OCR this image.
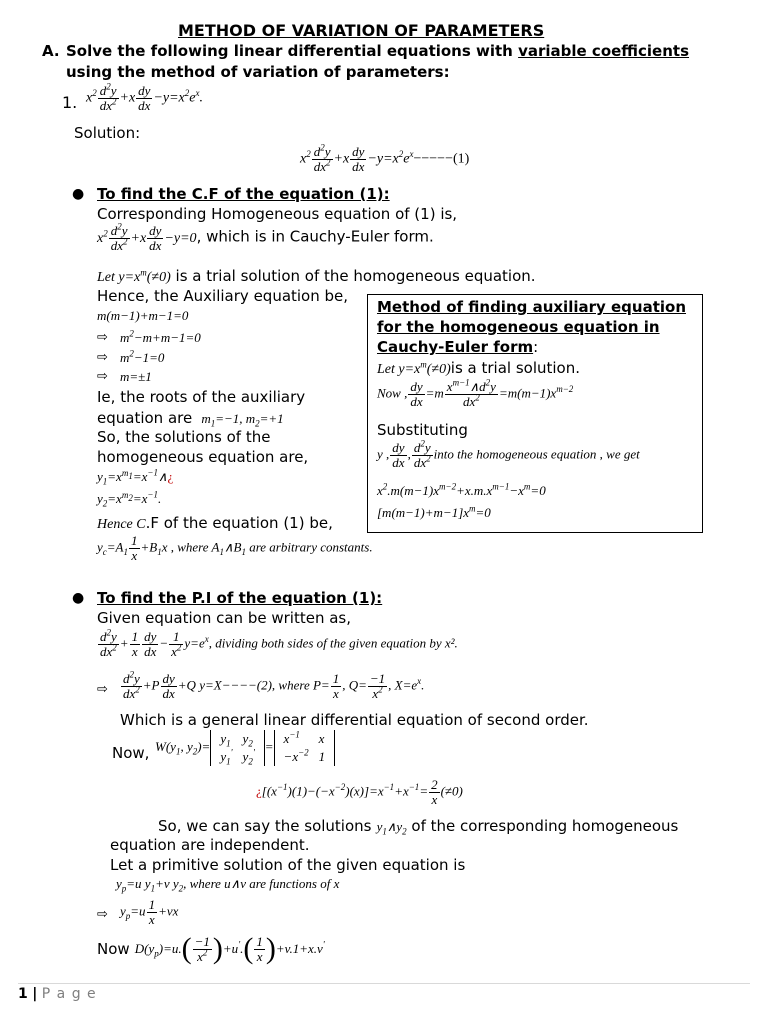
METHOD OF VARIATION OF PARAMETERS
A. Solve the following linear differential equations with variable coefficients
using the method of variation of parameters:
1. $x^2 \frac{d^2y}{dx^2} +x \frac{dy}{dx} -y=x^2e^x$.
Solution:
$x^2 \frac{d^2y}{dx^2} +x \frac{dy}{dx} -y=x^2e^x-----(1)$
● To find the C.F of the equation (1):
Corresponding Homogeneous equation of (1) is,
$x^2 \frac{d^2y}{dx^2} +x \frac{dy}{dx} -y=0$, which is in Cauchy-Euler form.
Let $y=x^m(\ne 0)$ is a trial solution of the homogeneous equation.
Hence, the Auxiliary equation be,
m(m−1)+m−1=0
⇨ $m^2-m+m-1=0$
⇨ $m^2-1=0$
⇨ m=±1
Ie, the roots of the auxiliary
equation are $m_1=-1$, $m_2=+1$
So, the solutions of the
homogeneous equation are,
$y_1=x^{m_1}=x^{-1}\wedge¿$
$y_2=x^{m_2}=x^{-1}$.
Hence C.F of the equation (1) be,
$y_c=A_1 \frac{1}{x} +B_1x$ , where $A_1\wedge B_1$ are arbitrary constants.
Method of finding auxiliary equation
for the homogeneous equation in
Cauchy-Euler form:
Let $y=x^m(\ne 0)is$ a trial solution.
Now , $\frac{dy}{dx} =m \frac{x^{m-1}\wedge d^2y}{dx^2} =m(m-1)x^{m-2}$
Substituting
y , $\frac{dy}{dx}$ , $\frac{d^2y}{dx^2}$ into the homogeneous equation , we get
$x^2.m(m-1)x^{m-2}+x.m.x^{m-1}-x^m=0$
$[m(m-1)+m-1]x^m=0$
● To find the P.I of the equation (1):
Given equation can be written as,
$\frac{d^2y}{dx^2} + \frac{1}{x} \frac{dy}{dx} - \frac{1}{x^2} y=e^x$, dividing both sides of the given equation by x².
⇨ $\frac{d^2y}{dx^2} +P \frac{dy}{dx} +Q$ y=X−−−−(2), where $P= \frac{1}{x}$ , $Q= \frac{-1}{x^2}$ , $X=e^x$.
Which is a general linear differential equation of second order.
Now, $W(y_1$, $y_2)=$
$y_1$	$y_2$
$y_1'$	$y_2'$ =
$x^{-1}$	x
$-x^{-2}$	1
¿$[(x^{-1})(1)-(-x^{-2})(x)]=x^{-1}+x^{-1}= \frac{2}{x} (\ne 0)$
So, we can say the solutions $y_1\wedge y_2$ of the corresponding homogeneous
equation are independent.
Let a primitive solution of the given equation is
$y_p=u$ $y_1+v$ $y_2$, where u∧v are functions of x
⇨ $y_p=u \frac{1}{x} +vx$
Now $D(y_p)=u.( \frac{-1}{x^2} )+u'.( \frac{1}{x} )+v.1+x.v'$
1 | P a g e
